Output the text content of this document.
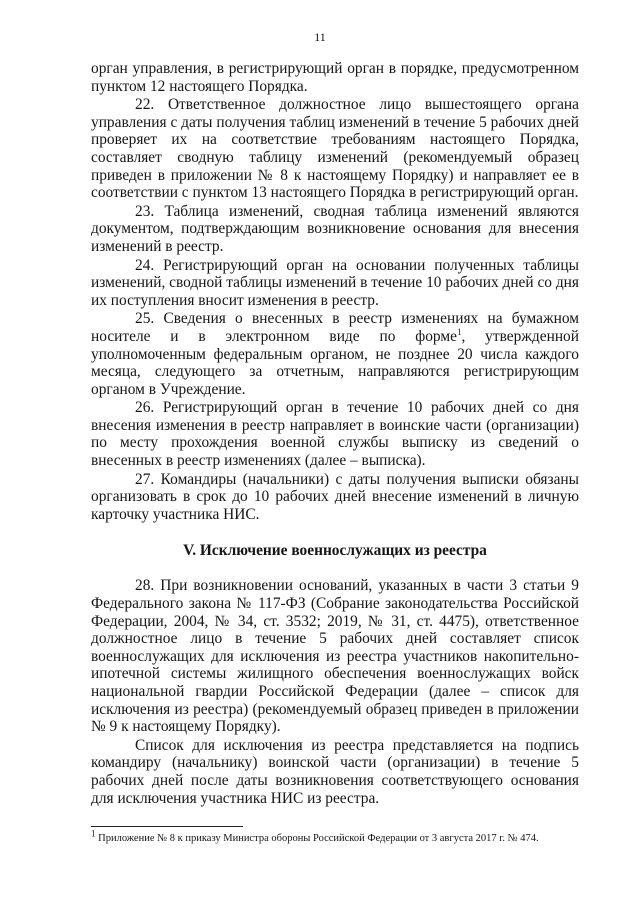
11

орган управления, в регистрирующий орган в порядке, предусмотренном пунктом 12 настоящего Порядка.

22. Ответственное должностное лицо вышестоящего органа управления с даты получения таблиц изменений в течение 5 рабочих дней проверяет их на соответствие требованиям настоящего Порядка, составляет сводную таблицу изменений (рекомендуемый образец приведен в приложении № 8 к настоящему Порядку) и направляет ее в соответствии с пунктом 13 настоящего Порядка в регистрирующий орган.

23. Таблица изменений, сводная таблица изменений являются документом, подтверждающим возникновение основания для внесения изменений в реестр.

24. Регистрирующий орган на основании полученных таблицы изменений, сводной таблицы изменений в течение 10 рабочих дней со дня их поступления вносит изменения в реестр.

25. Сведения о внесенных в реестр изменениях на бумажном носителе и в электронном виде по форме$^1$, утвержденной уполномоченным федеральным органом, не позднее 20 числа каждого месяца, следующего за отчетным, направляются регистрирующим органом в Учреждение.

26. Регистрирующий орган в течение 10 рабочих дней со дня внесения изменения в реестр направляет в воинские части (организации) по месту прохождения военной службы выписку из сведений о внесенных в реестр изменениях (далее – выписка).

27. Командиры (начальники) с даты получения выписки обязаны организовать в срок до 10 рабочих дней внесение изменений в личную карточку участника НИС.

V. Исключение военнослужащих из реестра

28. При возникновении оснований, указанных в части 3 статьи 9 Федерального закона № 117-ФЗ (Собрание законодательства Российской Федерации, 2004, № 34, ст. 3532; 2019, № 31, ст. 4475), ответственное должностное лицо в течение 5 рабочих дней составляет список военнослужащих для исключения из реестра участников накопительно-ипотечной системы жилищного обеспечения военнослужащих войск национальной гвардии Российской Федерации (далее – список для исключения из реестра) (рекомендуемый образец приведен в приложении № 9 к настоящему Порядку).

Список для исключения из реестра представляется на подпись командиру (начальнику) воинской части (организации) в течение 5 рабочих дней после даты возникновения соответствующего основания для исключения участника НИС из реестра.

$^1$ Приложение № 8 к приказу Министра обороны Российской Федерации от 3 августа 2017 г. № 474.
